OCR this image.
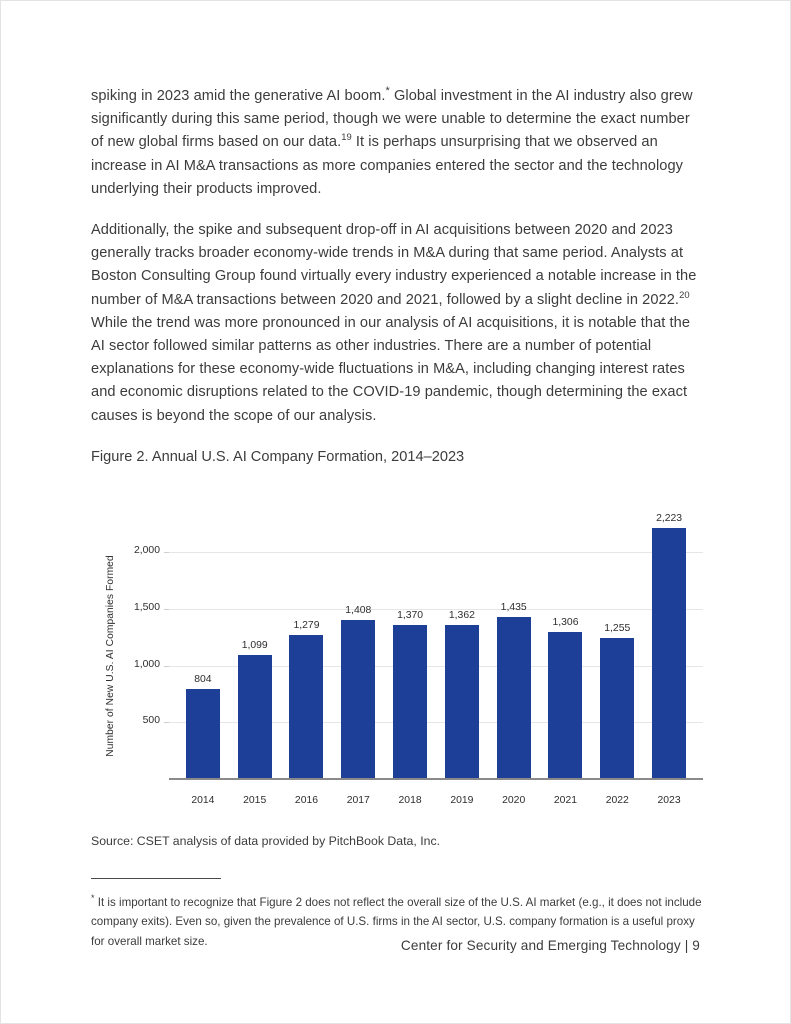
spiking in 2023 amid the generative AI boom.* Global investment in the AI industry also grew significantly during this same period, though we were unable to determine the exact number of new global firms based on our data.$^{19}$ It is perhaps unsurprising that we observed an increase in AI M&A transactions as more companies entered the sector and the technology underlying their products improved.

Additionally, the spike and subsequent drop-off in AI acquisitions between 2020 and 2023 generally tracks broader economy-wide trends in M&A during that same period. Analysts at Boston Consulting Group found virtually every industry experienced a notable increase in the number of M&A transactions between 2020 and 2021, followed by a slight decline in 2022.20 While the trend was more pronounced in our analysis of AI acquisitions, it is notable that the AI sector followed similar patterns as other industries. There are a number of potential explanations for these economy-wide fluctuations in M&A, including changing interest rates and economic disruptions related to the COVID-19 pandemic, though determining the exact causes is beyond the scope of our analysis.

Figure 2. Annual U.S. AI Company Formation, 2014–2023
Number of New U.S. AI Companies Formed	500
1,000
1,500
2,000
804
1,099
1,279
1,408	1,370	1,362
1,435
1,306
1,255
2,223
2014	2015	2016	2017	2018	2019	2020	2021	2022	2023

Source: CSET analysis of data provided by PitchBook Data, Inc.

* It is important to recognize that Figure 2 does not reflect the overall size of the U.S. AI market (e.g., it does not include company exits). Even so, given the prevalence of U.S. firms in the AI sector, U.S. company formation is a useful proxy for overall market size.	Center for Security and Emerging Technology | 9
